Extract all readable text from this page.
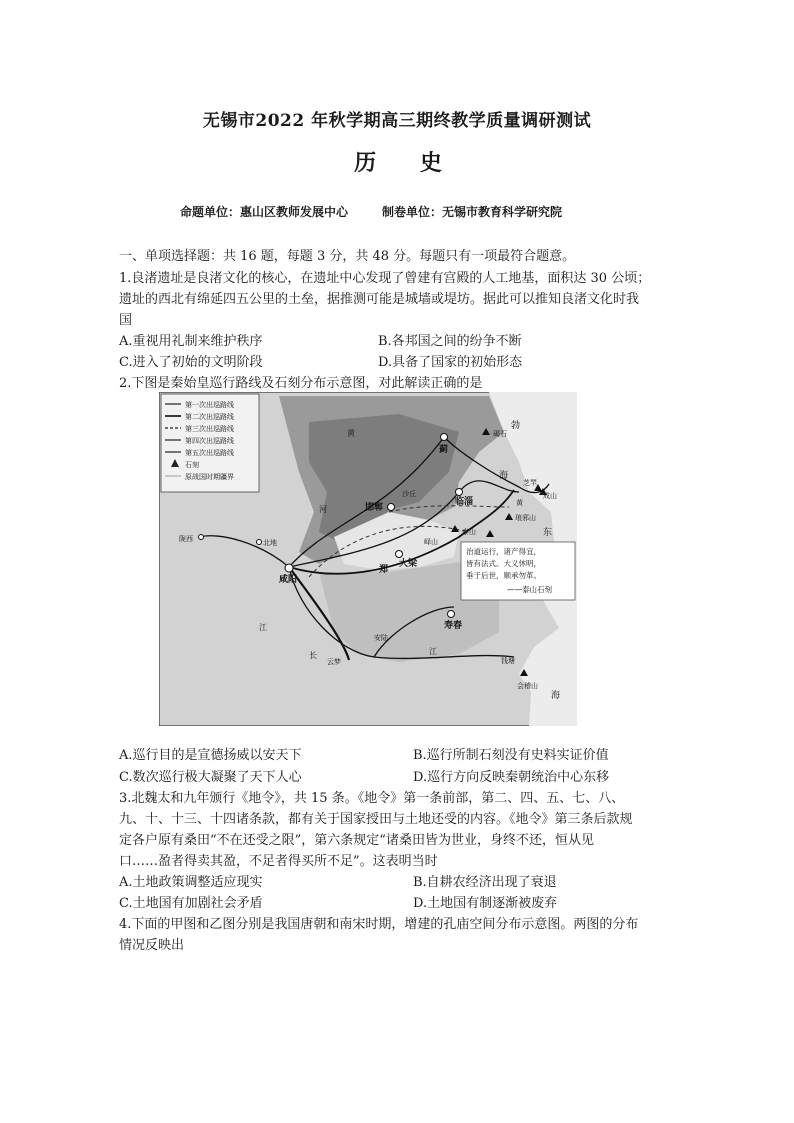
无锡市2022 年秋学期高三期终教学质量调研测试
历 史
命题单位：惠山区教师发展中心	制卷单位：无锡市教育科学研究院
一、单项选择题：共 16 题，每题 3 分，共 48 分。每题只有一项最符合题意。
1.良渚遗址是良渚文化的核心，在遗址中心发现了曾建有宫殿的人工地基，面积达 30 公顷；
遗址的西北有绵延四五公里的土垒，据推测可能是城墙或堤坊。据此可以推知良渚文化时我
国
A.重视用礼制来维护秩序	B.各邦国之间的纷争不断
C.进入了初始的文明阶段	D.具备了国家的初始形态
2.下图是秦始皇巡行路线及石刻分布示意图，对此解读正确的是
第一次出巡路线
第二次出巡路线
第三次出巡路线
第四次出巡路线
第五次出巡路线
石刻
原战国时期疆界
咸阳
蓟
碣石
邯郸
沙丘
临淄
芝罘
成山
黄
琅邪山
泰山
峄山
郑
大梁
寿春
安陆
云梦	钱塘
会稽山
陇西	北地
黄
河
勃
海
东
海
长
江
江
治道运行，诸产得宜，
皆有法式。大义休明，
垂于后世，顺承勿革。
——泰山石刻
A.巡行目的是宣德扬威以安天下	B.巡行所制石刻没有史料实证价值
C.数次巡行极大凝聚了天下人心	D.巡行方向反映秦朝统治中心东移
3.北魏太和九年颁行《地令》，共 15 条。《地令》第一条前部，第二、四、五、七、八、
九、十、十三、十四诸条款，都有关于国家授田与土地还受的内容。《地令》第三条后款规
定各户原有桑田“不在还受之限”，第六条规定“诸桑田皆为世业，身终不还，恒从见
口……盈者得卖其盈，不足者得买所不足”。这表明当时
A.土地政策调整适应现实	B.自耕农经济出现了衰退
C.土地国有加剧社会矛盾	D.土地国有制逐渐被废弃
4.下面的甲图和乙图分别是我国唐朝和南宋时期，增建的孔庙空间分布示意图。两图的分布
情况反映出
